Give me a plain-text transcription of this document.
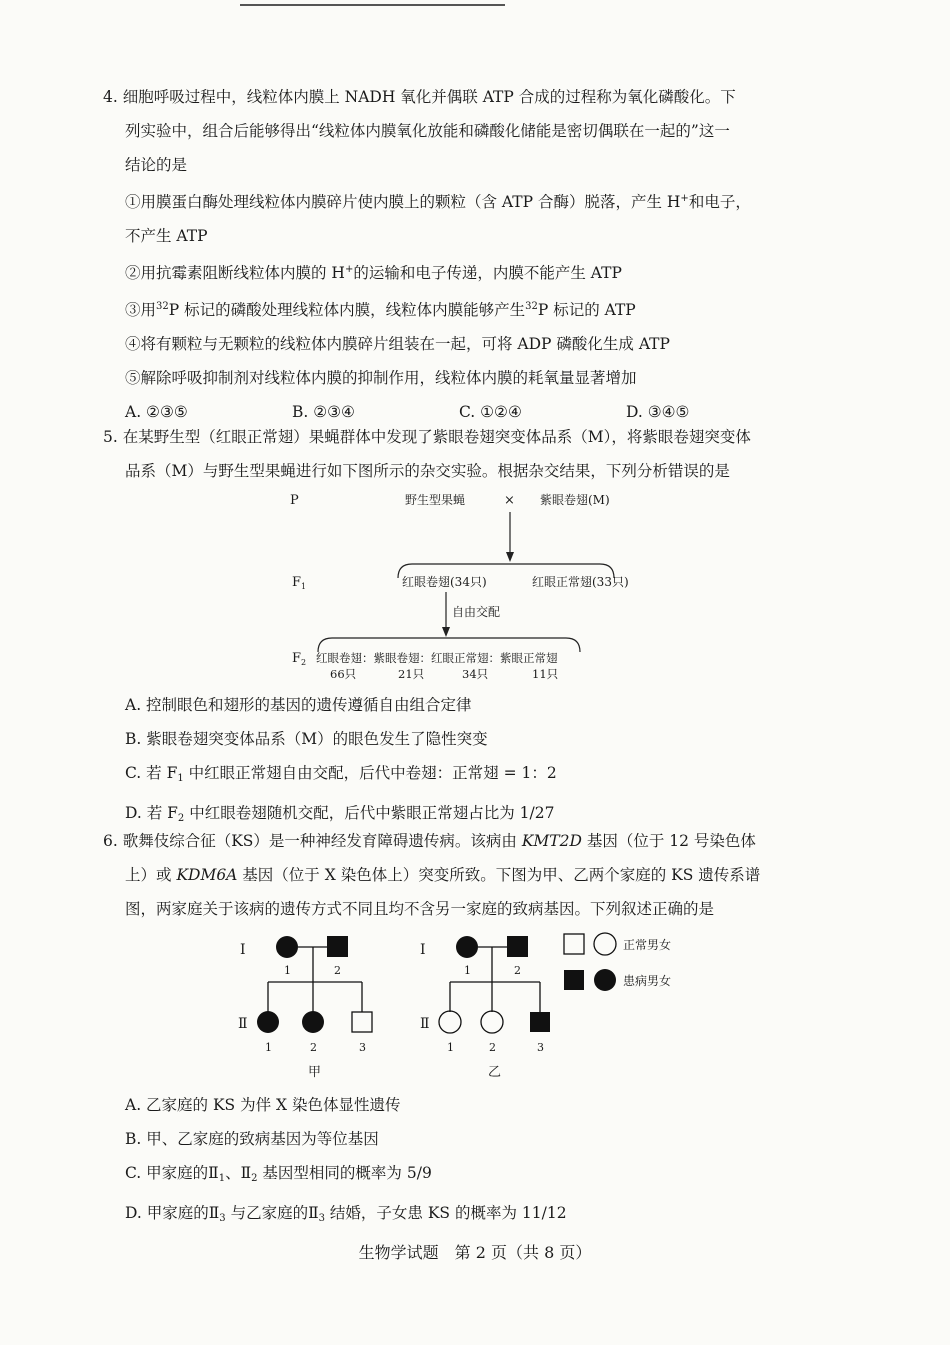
4. 细胞呼吸过程中，线粒体内膜上 NADH 氧化并偶联 ATP 合成的过程称为氧化磷酸化。下

列实验中，组合后能够得出“线粒体内膜氧化放能和磷酸化储能是密切偶联在一起的”这一

结论的是

①用膜蛋白酶处理线粒体内膜碎片使内膜上的颗粒（含 ATP 合酶）脱落，产生 H+和电子，

不产生 ATP

②用抗霉素阻断线粒体内膜的 H+的运输和电子传递，内膜不能产生 ATP

③用$^{32}$P 标记的磷酸处理线粒体内膜，线粒体内膜能够产生$^{32}$P 标记的 ATP

④将有颗粒与无颗粒的线粒体内膜碎片组装在一起，可将 ADP 磷酸化生成 ATP

⑤解除呼吸抑制剂对线粒体内膜的抑制作用，线粒体内膜的耗氧量显著增加

A. ②③⑤	B. ②③④	C. ①②④	D. ③④⑤

5. 在某野生型（红眼正常翅）果蝇群体中发现了紫眼卷翅突变体品系（M），将紫眼卷翅突变体

品系（M）与野生型果蝇进行如下图所示的杂交实验。根据杂交结果，下列分析错误的是

P	野生型果蝇	× 紫眼卷翅(M)
$F_1$	红眼卷翅(34只)	红眼正常翅(33只)
自由交配
$F_2$ 红眼卷翅：紫眼卷翅：红眼正常翅：紫眼正常翅
66只	21只	34只	11只

A. 控制眼色和翅形的基因的遗传遵循自由组合定律

B. 紫眼卷翅突变体品系（M）的眼色发生了隐性突变

C. 若 $F_1$ 中红眼正常翅自由交配，后代中卷翅：正常翅 = 1：2

D. 若 $F_2$ 中红眼卷翅随机交配，后代中紫眼正常翅占比为 1/27

6. 歌舞伎综合征（KS）是一种神经发育障碍遗传病。该病由 KMT2D 基因（位于 12 号染色体

上）或 KDM6A 基因（位于 X 染色体上）突变所致。下图为甲、乙两个家庭的 KS 遗传系谱

图，两家庭关于该病的遗传方式不同且均不含另一家庭的致病基因。下列叙述正确的是

Ⅰ
1	2
Ⅱ
1	2	3
甲
Ⅰ
1	2
Ⅱ
1	2	3
乙
正常男女
患病男女

A. 乙家庭的 KS 为伴 X 染色体显性遗传

B. 甲、乙家庭的致病基因为等位基因

C. 甲家庭的$Ⅱ_1$、$Ⅱ_2$ 基因型相同的概率为 5/9

D. 甲家庭的$Ⅱ_3$ 与乙家庭的$Ⅱ_3$ 结婚，子女患 KS 的概率为 11/12

生物学试题　第 2 页（共 8 页）
